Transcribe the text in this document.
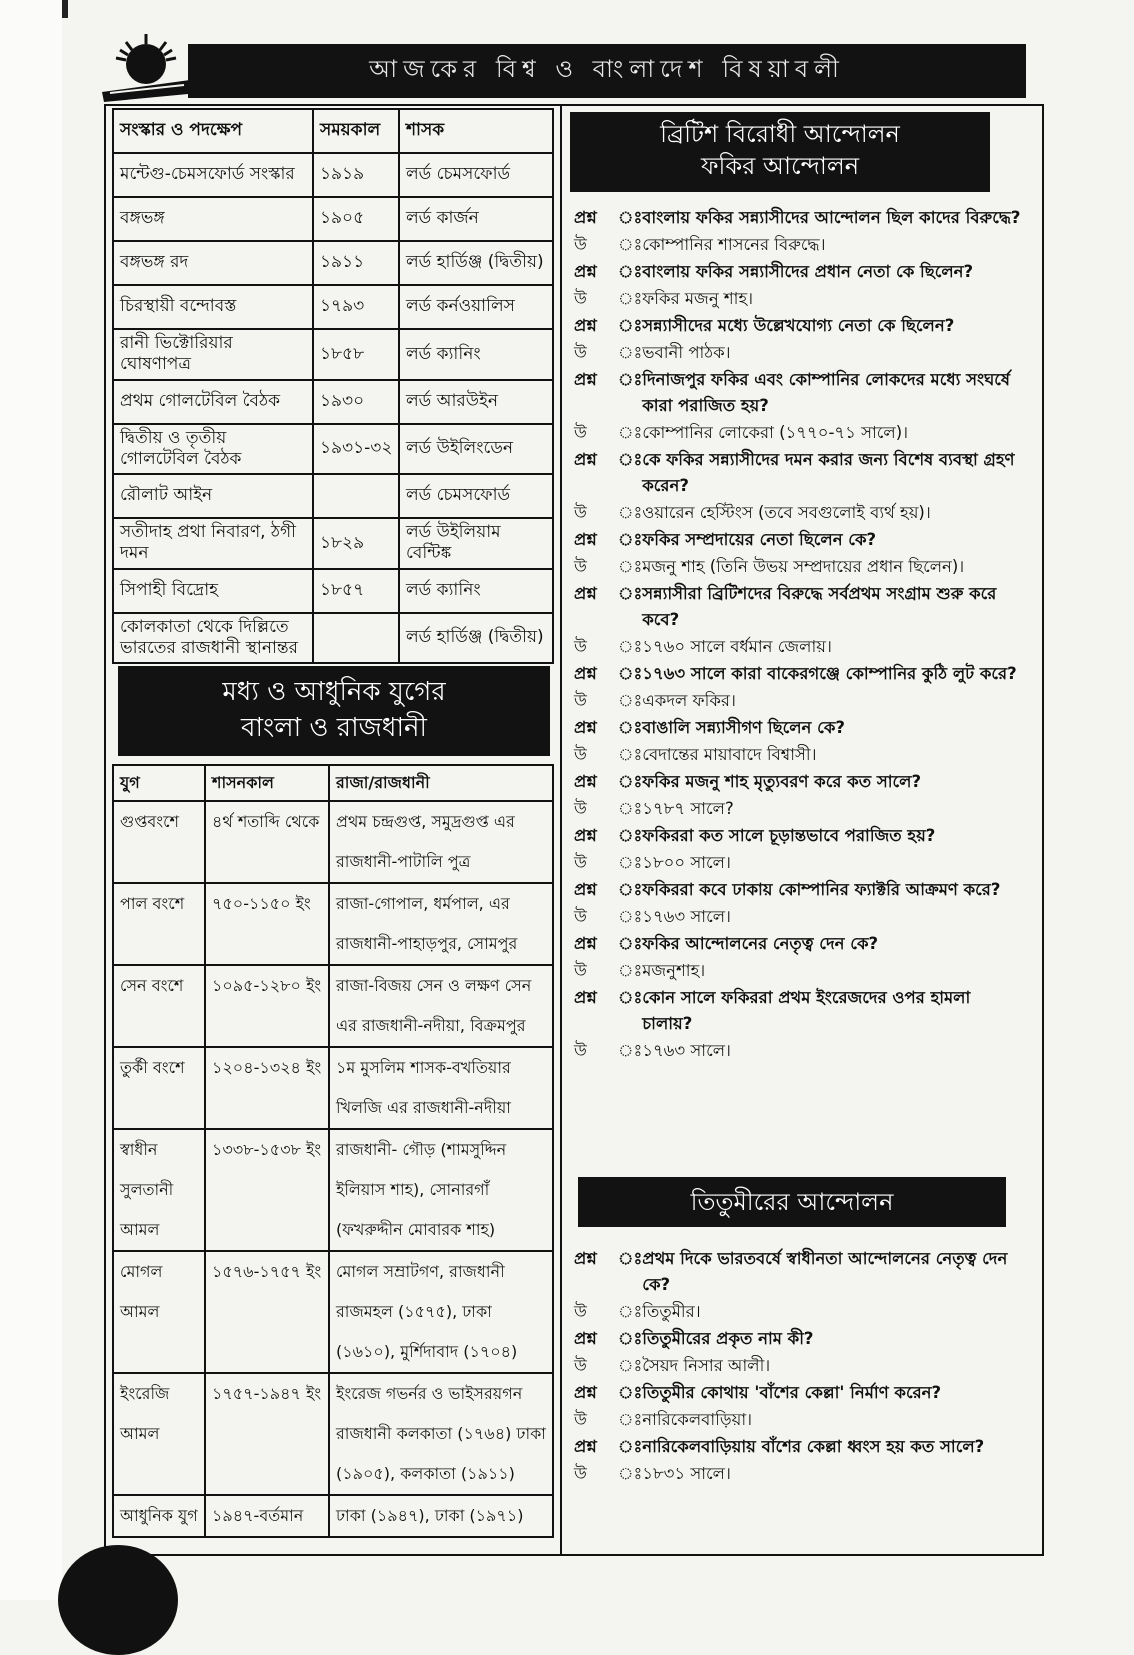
আজকের বিশ্ব ও বাংলাদেশ বিষয়াবলী
সংস্কার ও পদক্ষেপ	সময়কাল	শাসক
মন্টেগু-চেমসফোর্ড সংস্কার	১৯১৯	লর্ড চেমসফোর্ড
বঙ্গভঙ্গ	১৯০৫	লর্ড কার্জন
বঙ্গভঙ্গ রদ	১৯১১	লর্ড হার্ডিঞ্জ (দ্বিতীয়)
চিরস্থায়ী বন্দোবস্ত	১৭৯৩	লর্ড কর্নওয়ালিস
রানী ভিক্টোরিয়ার ঘোষণাপত্র	১৮৫৮	লর্ড ক্যানিং
প্রথম গোলটেবিল বৈঠক	১৯৩০	লর্ড আরউইন
দ্বিতীয় ও তৃতীয় গোলটেবিল বৈঠক	১৯৩১-৩২	লর্ড উইলিংডেন
রৌলাট আইন		লর্ড চেমসফোর্ড
সতীদাহ প্রথা নিবারণ, ঠগী দমন	১৮২৯	লর্ড উইলিয়াম বেন্টিঙ্ক
সিপাহী বিদ্রোহ	১৮৫৭	লর্ড ক্যানিং
কোলকাতা থেকে দিল্লিতে ভারতের রাজধানী স্থানান্তর		লর্ড হার্ডিঞ্জ (দ্বিতীয়)
মধ্য ও আধুনিক যুগের
বাংলা ও রাজধানী
যুগ	শাসনকাল	রাজা/রাজধানী
গুপ্তবংশে	৪র্থ শতাব্দি থেকে	প্রথম চন্দ্রগুপ্ত, সমুদ্রগুপ্ত এর রাজধানী-পাটালি পুত্র
পাল বংশে	৭৫০-১১৫০ ইং	রাজা-গোপাল, ধর্মপাল, এর রাজধানী-পাহাড়পুর, সোমপুর
সেন বংশে	১০৯৫-১২৮০ ইং	রাজা-বিজয় সেন ও লক্ষণ সেন এর রাজধানী-নদীয়া, বিক্রমপুর
তুর্কী বংশে	১২০৪-১৩২৪ ইং	১ম মুসলিম শাসক-বখতিয়ার খিলজি এর রাজধানী-নদীয়া
স্বাধীন সুলতানী আমল	১৩৩৮-১৫৩৮ ইং	রাজধানী- গৌড় (শামসুদ্দিন ইলিয়াস শাহ), সোনারগাঁ (ফখরুদ্দীন মোবারক শাহ)
মোগল আমল	১৫৭৬-১৭৫৭ ইং	মোগল সম্রাটগণ, রাজধানী রাজমহল (১৫৭৫), ঢাকা (১৬১০), মুর্শিদাবাদ (১৭০৪)
ইংরেজি আমল	১৭৫৭-১৯৪৭ ইং	ইংরেজ গভর্নর ও ভাইসরয়গন রাজধানী কলকাতা (১৭৬৪) ঢাকা (১৯০৫), কলকাতা (১৯১১)
আধুনিক যুগ	১৯৪৭-বর্তমান	ঢাকা (১৯৪৭), ঢাকা (১৯৭১)
ব্রিটিশ বিরোধী আন্দোলন
ফকির আন্দোলন
প্রশ্ন	ঃ বাংলায় ফকির সন্ন্যাসীদের আন্দোলন ছিল কাদের বিরুদ্ধে?
উ	ঃ কোম্পানির শাসনের বিরুদ্ধে।
প্রশ্ন	ঃ বাংলায় ফকির সন্ন্যাসীদের প্রধান নেতা কে ছিলেন?
উ	ঃ ফকির মজনু শাহ।
প্রশ্ন	ঃ সন্ন্যাসীদের মধ্যে উল্লেখযোগ্য নেতা কে ছিলেন?
উ	ঃ ভবানী পাঠক।
প্রশ্ন	ঃ দিনাজপুর ফকির এবং কোম্পানির লোকদের মধ্যে সংঘর্ষে কারা পরাজিত হয়?
উ	ঃ কোম্পানির লোকেরা (১৭৭০-৭১ সালে)।
প্রশ্ন	ঃ কে ফকির সন্ন্যাসীদের দমন করার জন্য বিশেষ ব্যবস্থা গ্রহণ করেন?
উ	ঃ ওয়ারেন হেস্টিংস (তবে সবগুলোই ব্যর্থ হয়)।
প্রশ্ন	ঃ ফকির সম্প্রদায়ের নেতা ছিলেন কে?
উ	ঃ মজনু শাহ (তিনি উভয় সম্প্রদায়ের প্রধান ছিলেন)।
প্রশ্ন	ঃ সন্ন্যাসীরা ব্রিটিশদের বিরুদ্ধে সর্বপ্রথম সংগ্রাম শুরু করে কবে?
উ	ঃ ১৭৬০ সালে বর্ধমান জেলায়।
প্রশ্ন	ঃ ১৭৬৩ সালে কারা বাকেরগঞ্জে কোম্পানির কুঠি লুট করে?
উ	ঃ একদল ফকির।
প্রশ্ন	ঃ বাঙালি সন্ন্যাসীগণ ছিলেন কে?
উ	ঃ বেদান্তের মায়াবাদে বিশ্বাসী।
প্রশ্ন	ঃ ফকির মজনু শাহ মৃত্যুবরণ করে কত সালে?
উ	ঃ ১৭৮৭ সালে?
প্রশ্ন	ঃ ফকিররা কত সালে চূড়ান্তভাবে পরাজিত হয়?
উ	ঃ ১৮০০ সালে।
প্রশ্ন	ঃ ফকিররা কবে ঢাকায় কোম্পানির ফ্যাক্টরি আক্রমণ করে?
উ	ঃ ১৭৬৩ সালে।
প্রশ্ন	ঃ ফকির আন্দোলনের নেতৃত্ব দেন কে?
উ	ঃ মজনুশাহ।
প্রশ্ন	ঃ কোন সালে ফকিররা প্রথম ইংরেজদের ওপর হামলা চালায়?
উ	ঃ ১৭৬৩ সালে।
তিতুমীরের আন্দোলন
প্রশ্ন	ঃ প্রথম দিকে ভারতবর্ষে স্বাধীনতা আন্দোলনের নেতৃত্ব দেন কে?
উ	ঃ তিতুমীর।
প্রশ্ন	ঃ তিতুমীরের প্রকৃত নাম কী?
উ	ঃ সৈয়দ নিসার আলী।
প্রশ্ন	ঃ তিতুমীর কোথায় 'বাঁশের কেল্লা' নির্মাণ করেন?
উ	ঃ নারিকেলবাড়িয়া।
প্রশ্ন	ঃ নারিকেলবাড়িয়ায় বাঁশের কেল্লা ধ্বংস হয় কত সালে?
উ	ঃ ১৮৩১ সালে।
